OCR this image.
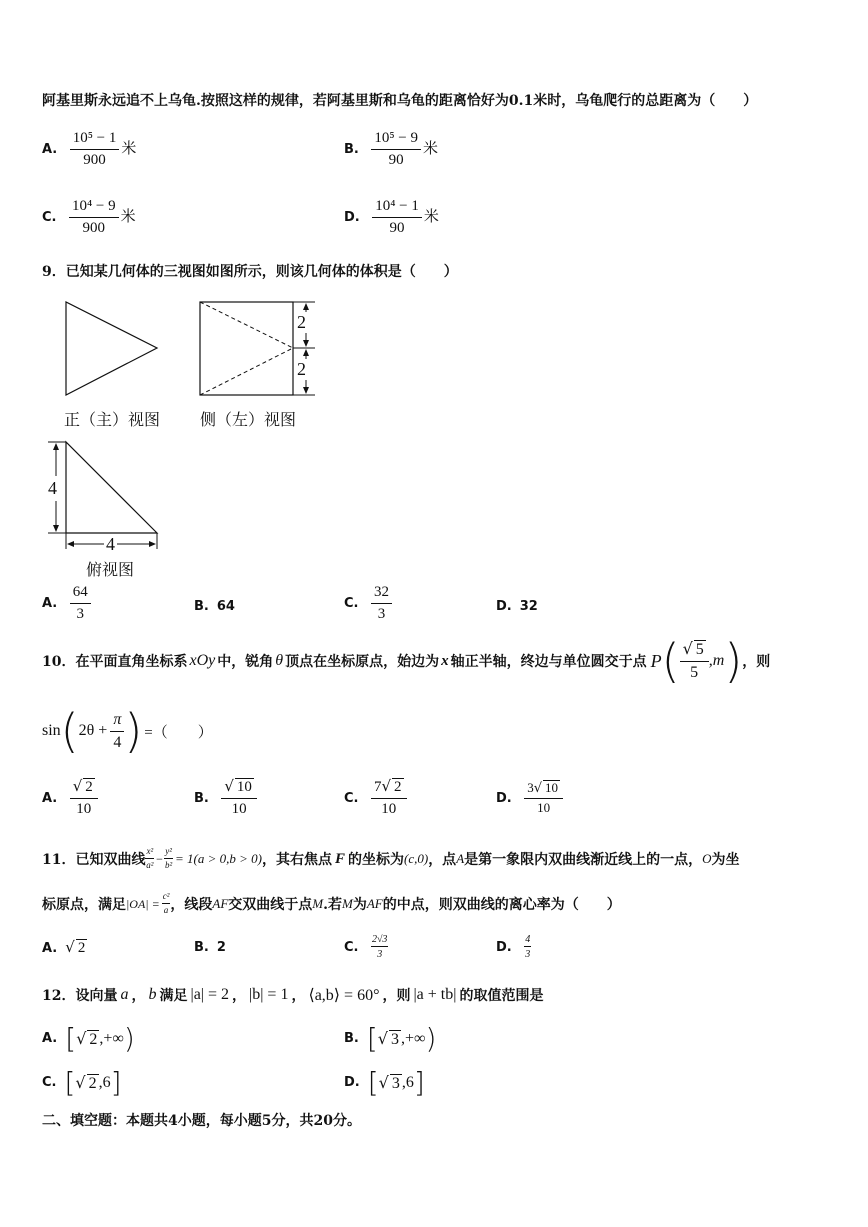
阿基里斯永远追不上乌龟.按照这样的规律，若阿基里斯和乌龟的距离恰好为0.1米时，乌龟爬行的总距离为（　　）
A. $\frac{\text{10⁵ − 1}}{900}$ 米	B. $\frac{\text{10⁵ − 9}}{90}$ 米
C. $\frac{\text{10⁴ − 9}}{900}$ 米	D. $\frac{\text{10⁴ − 1}}{90}$ 米
9．已知某几何体的三视图如图所示，则该几何体的体积是（　　）
2
2
4
4
正（主）视图 侧（左）视图
俯视图
A. $\frac{64}{3}$	B. 64	C. $\frac{32}{3}$	D. 32
10．在平面直角坐标系 xOy 中，锐角 θ 顶点在坐标原点，始边为 x 轴正半轴，终边与单位圆交于点 P ( $\frac{√ 5}{5} ,m$ ) ，则
sin ( $2\theta + \frac{\pi}{4}$ ) =（　　）
A. $\frac{√ 2}{10}$	B. $\frac{√ 10}{10}$	C. $\frac{7√ 2}{10}$	D. $\frac{3√ 10}{10}$
11．已知双曲线 $\frac{\text{x²}}{\text{a²}} - \frac{\text{y²}}{\text{b²}} = 1(a > 0,b > 0)$ ，其右焦点 F 的坐标为 (c,0) ，点 A 是第一象限内双曲线渐近线上的一点， O 为坐
标原点，满足 $|OA| = \frac{\text{c²}}{a}$ ，线段 AF 交双曲线于点 M .若 M 为 AF 的中点，则双曲线的离心率为（　　）
A. √ 2	B. 2	C. $\frac{2√3}{3}$	D. $\frac{4}{3}$
12．设向量 a ， b 满足 |a| = 2 ， |b| = 1 ， ⟨a,b⟩ = 60° ，则 |a + tb| 的取值范围是
A. [ √ 2 ,+∞ )	B. [ √ 3 ,+∞ )
C. [ √ 2 ,6 ]	D. [ √ 3 ,6 ]
二、填空题：本题共4小题，每小题5分，共20分。
